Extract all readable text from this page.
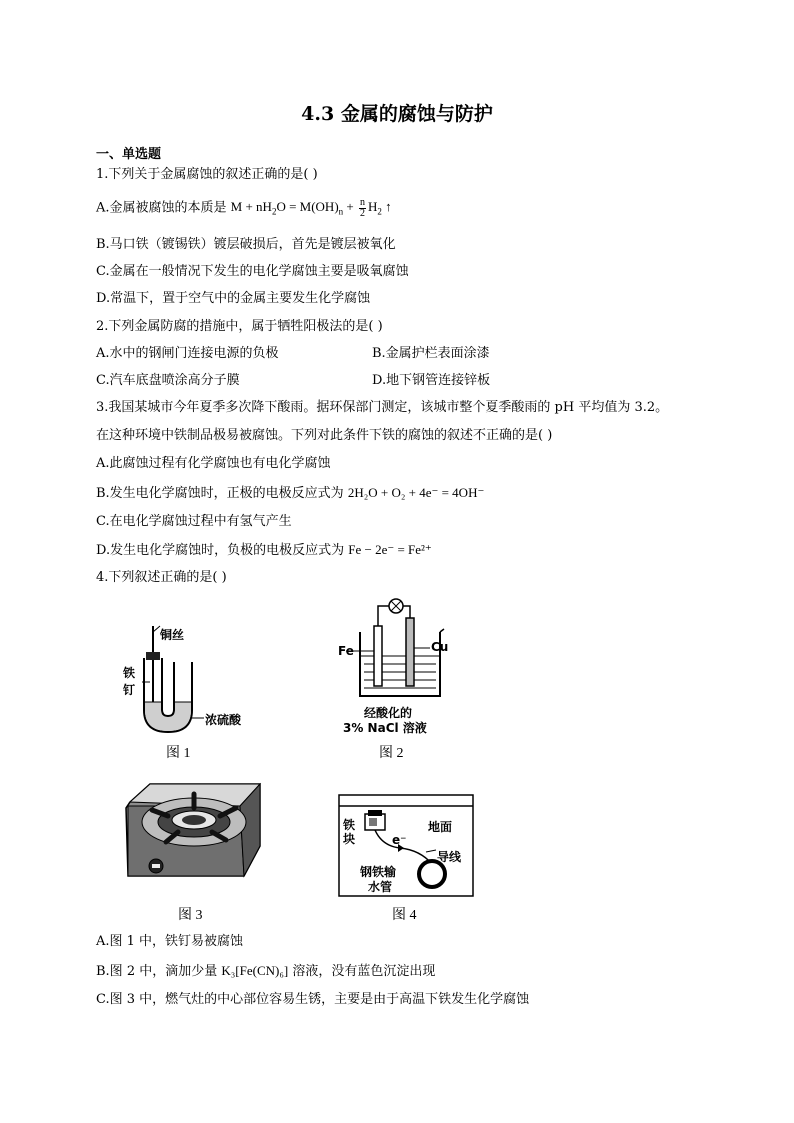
4.3 金属的腐蚀与防护
一、单选题
1.下列关于金属腐蚀的叙述正确的是( )
A.金属被腐蚀的本质是 $M + nH_2O = M(OH)_n + \frac{n}{2} H_2$ ↑
B.马口铁（镀锡铁）镀层破损后，首先是镀层被氧化
C.金属在一般情况下发生的电化学腐蚀主要是吸氧腐蚀
D.常温下，置于空气中的金属主要发生化学腐蚀
2.下列金属防腐的措施中，属于牺牲阳极法的是( )
A.水中的钢闸门连接电源的负极	B.金属护栏表面涂漆
C.汽车底盘喷涂高分子膜	D.地下钢管连接锌板
3.我国某城市今年夏季多次降下酸雨。据环保部门测定，该城市整个夏季酸雨的 pH 平均值为 3.2。
在这种环境中铁制品极易被腐蚀。下列对此条件下铁的腐蚀的叙述不正确的是( )
A.此腐蚀过程有化学腐蚀也有电化学腐蚀
B.发生电化学腐蚀时，正极的电极反应式为 2H₂O + O₂ + 4e⁻ = 4OH⁻
C.在电化学腐蚀过程中有氢气产生
D.发生电化学腐蚀时，负极的电极反应式为 Fe − 2e⁻ = Fe²⁺
4.下列叙述正确的是( )
铜丝
铁
钉
浓硫酸
图 1
Fe	Cu
经酸化的
3% NaCl 溶液
图 2
图 3
铁
块
地面
e⁻
导线
钢铁输
水管
图 4
A.图 1 中，铁钉易被腐蚀
B.图 2 中，滴加少量 K₃[Fe(CN)₆] 溶液，没有蓝色沉淀出现
C.图 3 中，燃气灶的中心部位容易生锈，主要是由于高温下铁发生化学腐蚀
